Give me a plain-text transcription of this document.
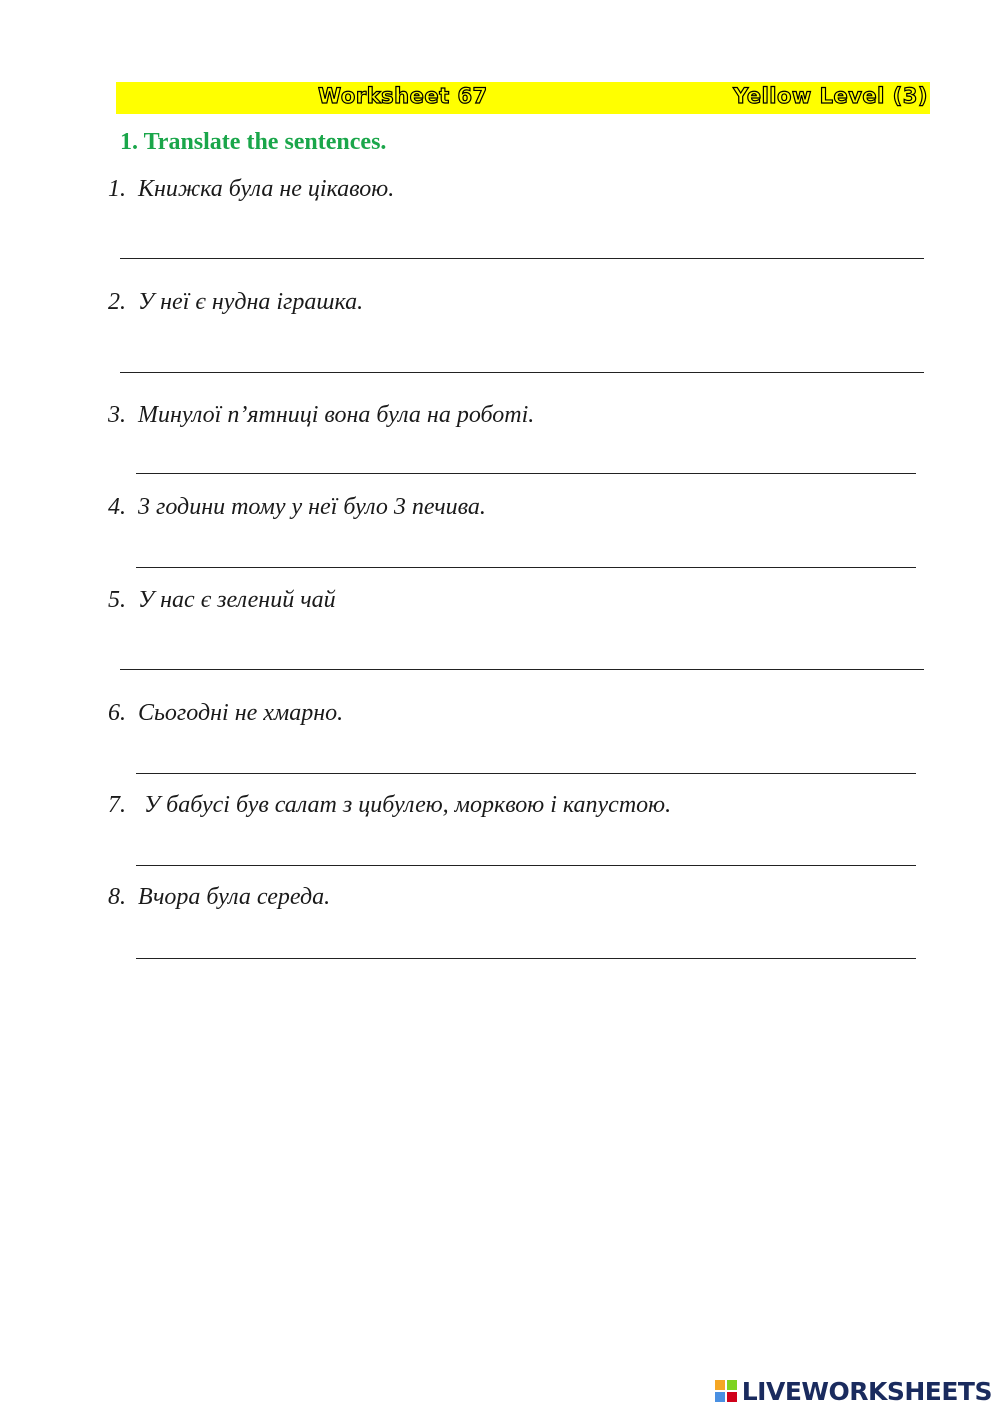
Worksheet 67	Yellow Level (3)
1. Translate the sentences.
1. Книжка була не цікавою.
2. У неї є нудна іграшка.
3. Минулої п’ятниці вона була на роботі.
4. 3 години тому у неї було 3 печива.
5. У нас є зелений чай
6. Сьогодні не хмарно.
7. У бабусі був салат з цибулею, морквою і капустою.
8. Вчора була середа.
LIVEWORKSHEETS
